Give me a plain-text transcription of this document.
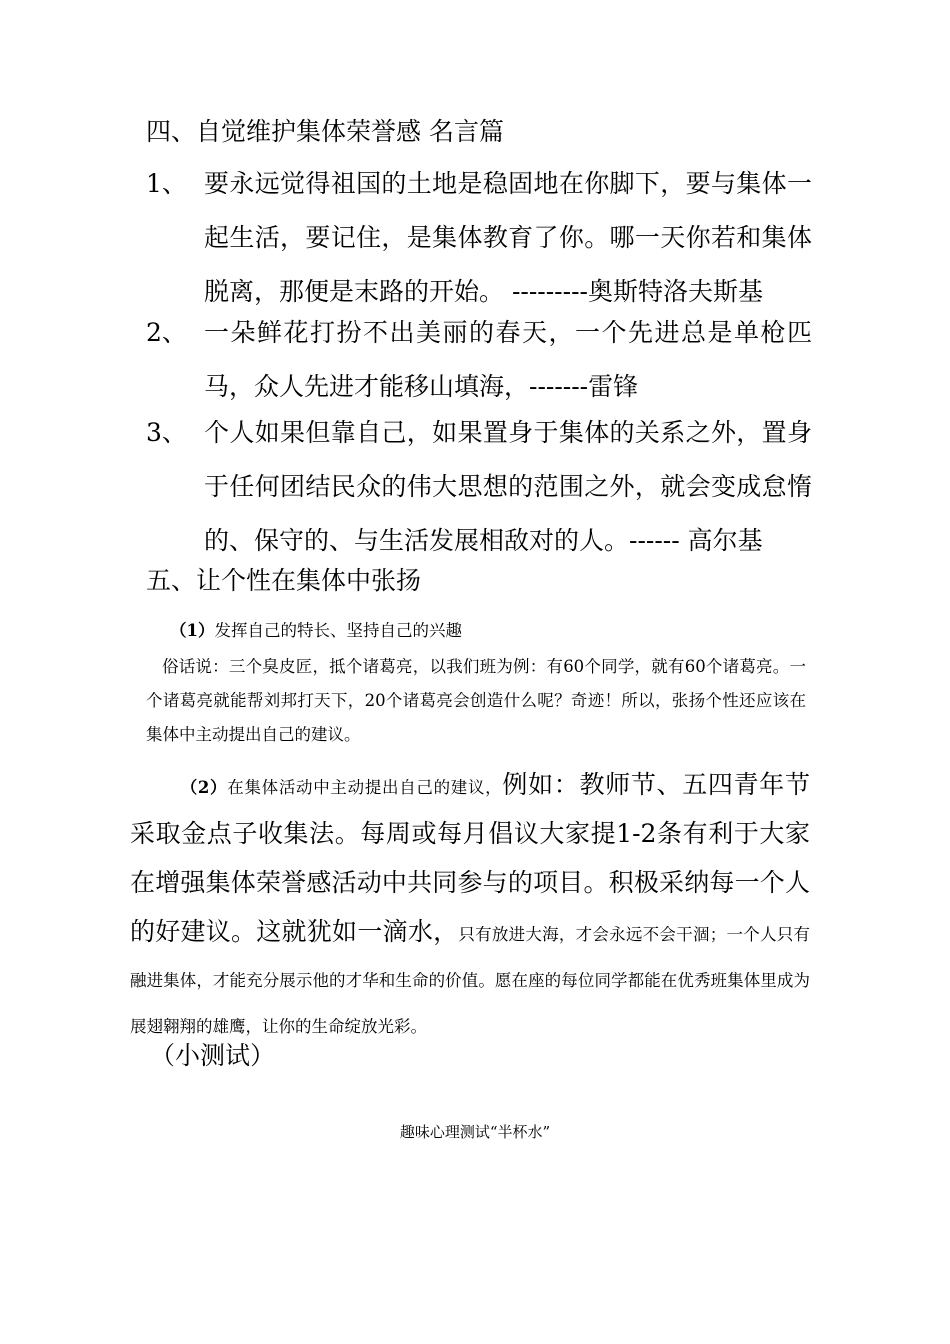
四、自觉维护集体荣誉感 名言篇
1、 要永远觉得祖国的土地是稳固地在你脚下，要与集体一起生活，要记住，是集体教育了你。哪一天你若和集体脱离，那便是末路的开始。 ---------奥斯特洛夫斯基
2、 一朵鲜花打扮不出美丽的春天，一个先进总是单枪匹马，众人先进才能移山填海，-------雷锋
3、 个人如果但靠自己，如果置身于集体的关系之外，置身于任何团结民众的伟大思想的范围之外，就会变成怠惰的、保守的、与生活发展相敌对的人。------ 高尔基
五、让个性在集体中张扬
（1）发挥自己的特长、坚持自己的兴趣
俗话说：三个臭皮匠，抵个诸葛亮，以我们班为例：有60个同学，就有60个诸葛亮。一个诸葛亮就能帮刘邦打天下，20个诸葛亮会创造什么呢？奇迹！所以，张扬个性还应该在集体中主动提出自己的建议。
（2）在集体活动中主动提出自己的建议，例如：教师节、五四青年节采取金点子收集法。每周或每月倡议大家提1-2条有利于大家在增强集体荣誉感活动中共同参与的项目。积极采纳每一个人的好建议。这就犹如一滴水，只有放进大海，才会永远不会干涸；一个人只有融进集体，才能充分展示他的才华和生命的价值。愿在座的每位同学都能在优秀班集体里成为展翅翱翔的雄鹰，让你的生命绽放光彩。
（小测试）
趣味心理测试“半杯水”
